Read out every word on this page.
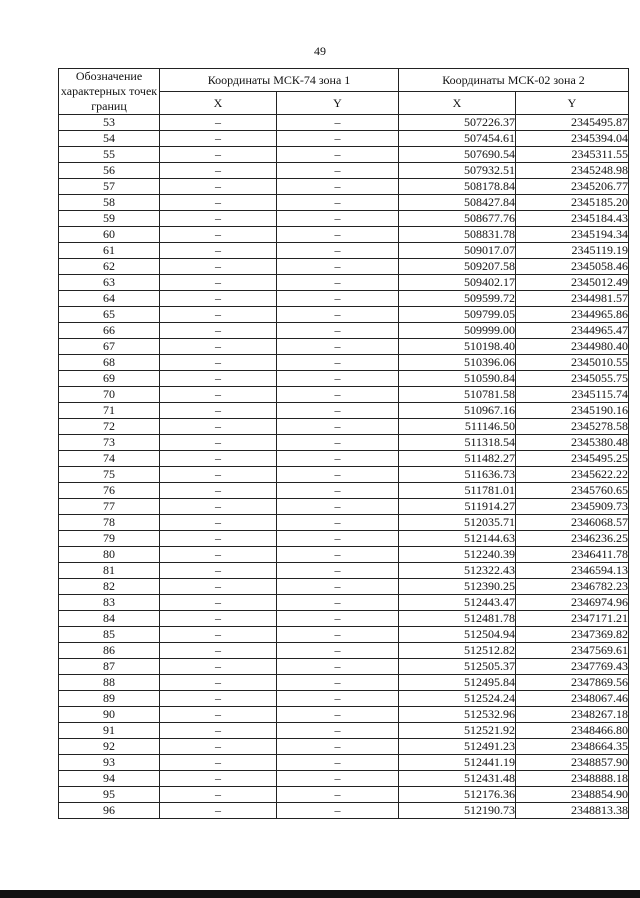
49
Обозначение характерных точек границ	Координаты МСК-74 зона 1		Координаты МСК-02 зона 2	
	X	Y	X	Y
53	–	–	507226.37	2345495.87
54	–	–	507454.61	2345394.04
55	–	–	507690.54	2345311.55
56	–	–	507932.51	2345248.98
57	–	–	508178.84	2345206.77
58	–	–	508427.84	2345185.20
59	–	–	508677.76	2345184.43
60	–	–	508831.78	2345194.34
61	–	–	509017.07	2345119.19
62	–	–	509207.58	2345058.46
63	–	–	509402.17	2345012.49
64	–	–	509599.72	2344981.57
65	–	–	509799.05	2344965.86
66	–	–	509999.00	2344965.47
67	–	–	510198.40	2344980.40
68	–	–	510396.06	2345010.55
69	–	–	510590.84	2345055.75
70	–	–	510781.58	2345115.74
71	–	–	510967.16	2345190.16
72	–	–	511146.50	2345278.58
73	–	–	511318.54	2345380.48
74	–	–	511482.27	2345495.25
75	–	–	511636.73	2345622.22
76	–	–	511781.01	2345760.65
77	–	–	511914.27	2345909.73
78	–	–	512035.71	2346068.57
79	–	–	512144.63	2346236.25
80	–	–	512240.39	2346411.78
81	–	–	512322.43	2346594.13
82	–	–	512390.25	2346782.23
83	–	–	512443.47	2346974.96
84	–	–	512481.78	2347171.21
85	–	–	512504.94	2347369.82
86	–	–	512512.82	2347569.61
87	–	–	512505.37	2347769.43
88	–	–	512495.84	2347869.56
89	–	–	512524.24	2348067.46
90	–	–	512532.96	2348267.18
91	–	–	512521.92	2348466.80
92	–	–	512491.23	2348664.35
93	–	–	512441.19	2348857.90
94	–	–	512431.48	2348888.18
95	–	–	512176.36	2348854.90
96	–	–	512190.73	2348813.38
